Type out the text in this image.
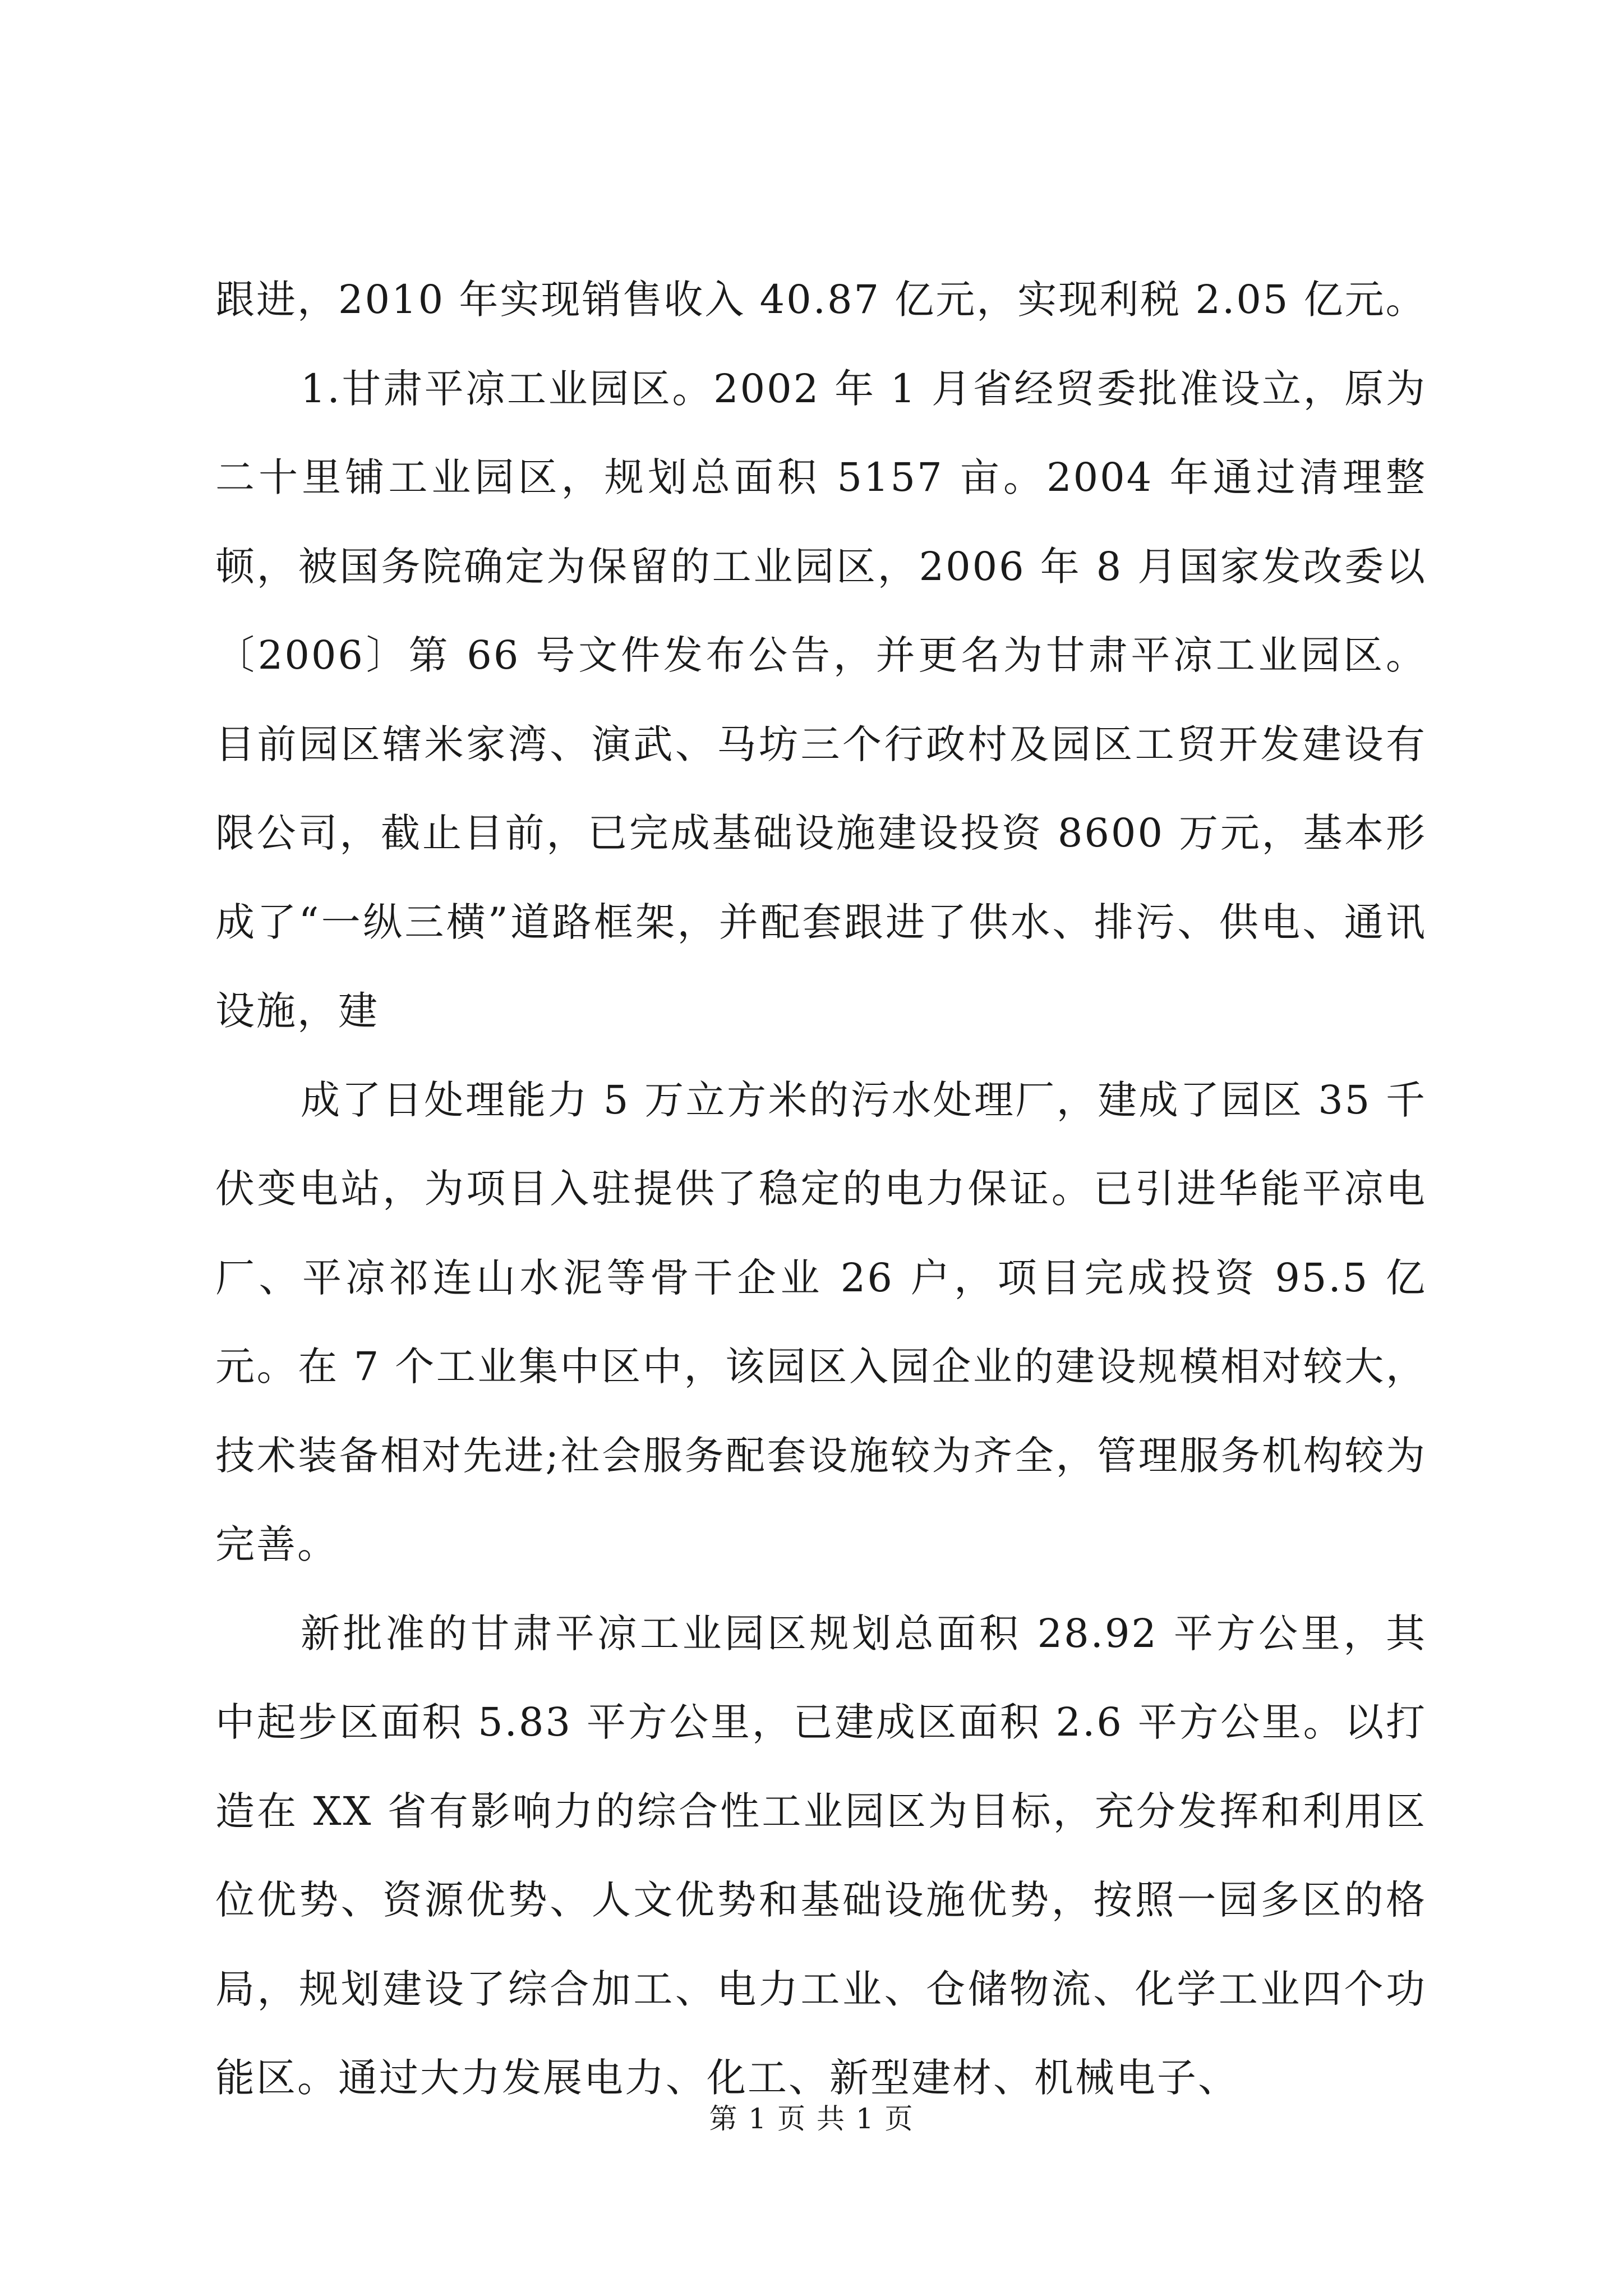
跟进，2010 年实现销售收入 40.87 亿元，实现利税 2.05 亿元。

1.甘肃平凉工业园区。2002 年 1 月省经贸委批准设立，原为二十里铺工业园区，规划总面积 5157 亩。2004 年通过清理整顿，被国务院确定为保留的工业园区，2006 年 8 月国家发改委以〔2006〕第 66 号文件发布公告，并更名为甘肃平凉工业园区。目前园区辖米家湾、演武、马坊三个行政村及园区工贸开发建设有限公司，截止目前，已完成基础设施建设投资 8600 万元，基本形成了“一纵三横”道路框架，并配套跟进了供水、排污、供电、通讯设施，建

成了日处理能力 5 万立方米的污水处理厂，建成了园区 35 千伏变电站，为项目入驻提供了稳定的电力保证。已引进华能平凉电厂、平凉祁连山水泥等骨干企业 26 户，项目完成投资 95.5 亿元。在 7 个工业集中区中，该园区入园企业的建设规模相对较大，技术装备相对先进;社会服务配套设施较为齐全，管理服务机构较为完善。

新批准的甘肃平凉工业园区规划总面积 28.92 平方公里，其中起步区面积 5.83 平方公里，已建成区面积 2.6 平方公里。以打造在 XX 省有影响力的综合性工业园区为目标，充分发挥和利用区位优势、资源优势、人文优势和基础设施优势，按照一园多区的格局，规划建设了综合加工、电力工业、仓储物流、化学工业四个功能区。通过大力发展电力、化工、新型建材、机械电子、

第 1 页 共 1 页
